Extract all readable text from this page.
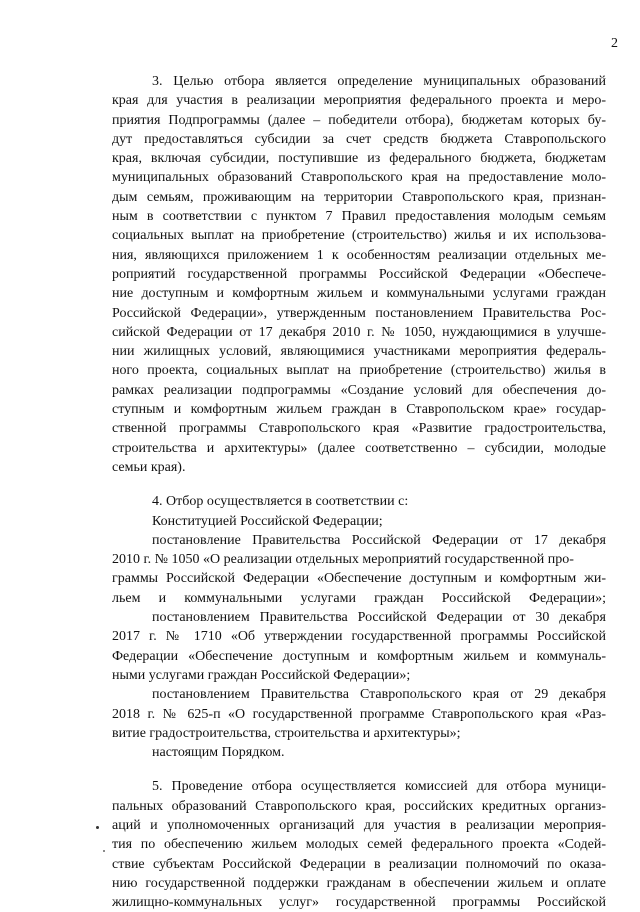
2
3. Целью отбора является определение муниципальных образований
края для участия в реализации мероприятия федерального проекта и меро-
приятия Подпрограммы (далее – победители отбора), бюджетам которых бу-
дут предоставляться субсидии за счет средств бюджета Ставропольского
края, включая субсидии, поступившие из федерального бюджета, бюджетам
муниципальных образований Ставропольского края на предоставление моло-
дым семьям, проживающим на территории Ставропольского края, признан-
ным в соответствии с пунктом 7 Правил предоставления молодым семьям
социальных выплат на приобретение (строительство) жилья и их использова-
ния, являющихся приложением 1 к особенностям реализации отдельных ме-
роприятий государственной программы Российской Федерации «Обеспече-
ние доступным и комфортным жильем и коммунальными услугами граждан
Российской Федерации», утвержденным постановлением Правительства Рос-
сийской Федерации от 17 декабря 2010 г. № 1050, нуждающимися в улучше-
нии жилищных условий, являющимися участниками мероприятия федераль-
ного проекта, социальных выплат на приобретение (строительство) жилья в
рамках реализации подпрограммы «Создание условий для обеспечения до-
ступным и комфортным жильем граждан в Ставропольском крае» государ-
ственной программы Ставропольского края «Развитие градостроительства,
строительства и архитектуры» (далее соответственно – субсидии, молодые
семьи края).
4. Отбор осуществляется в соответствии с:
Конституцией Российской Федерации;
постановление Правительства Российской Федерации от 17 декабря
2010 г. № 1050 «О реализации отдельных мероприятий государственной про-
граммы Российской Федерации «Обеспечение доступным и комфортным жи-
льем и коммунальными услугами граждан Российской Федерации»;
постановлением Правительства Российской Федерации от 30 декабря
2017 г. № 1710 «Об утверждении государственной программы Российской
Федерации «Обеспечение доступным и комфортным жильем и коммуналь-
ными услугами граждан Российской Федерации»;
постановлением Правительства Ставропольского края от 29 декабря
2018 г. № 625-п «О государственной программе Ставропольского края «Раз-
витие градостроительства, строительства и архитектуры»;
настоящим Порядком.
5. Проведение отбора осуществляется комиссией для отбора муници-
пальных образований Ставропольского края, российских кредитных организ-
аций и уполномоченных организаций для участия в реализации мероприя-
тия по обеспечению жильем молодых семей федерального проекта «Содей-
ствие субъектам Российской Федерации в реализации полномочий по оказа-
нию государственной поддержки гражданам в обеспечении жильем и оплате
жилищно-коммунальных услуг» государственной программы Российской
